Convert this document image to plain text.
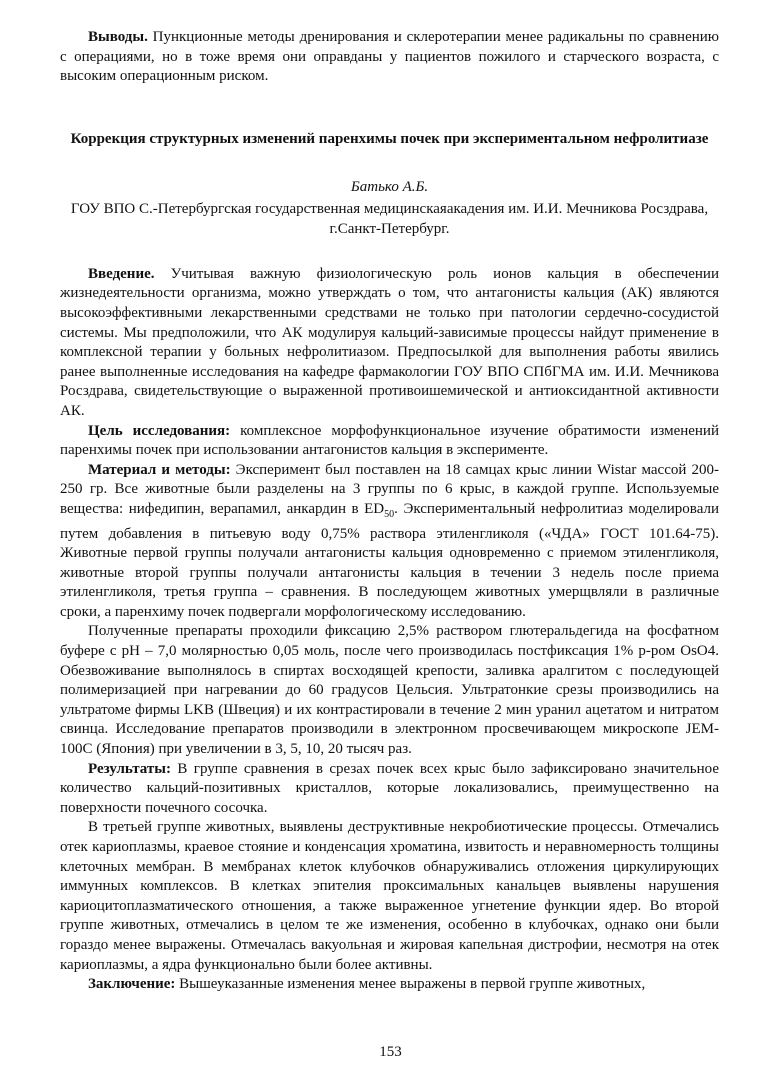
Выводы. Пункционные методы дренирования и склеротерапии менее радикальны по сравнению с операциями, но в тоже время они оправданы у пациентов пожилого и старческого возраста, с высоким операционным риском.

Коррекция структурных изменений паренхимы почек при экспериментальном нефролитиазе
Батько А.Б.
ГОУ ВПО С.-Петербургская государственная медицинскаяакадения им. И.И. Мечникова Росздрава, г.Санкт-Петербург.

Введение. Учитывая важную физиологическую роль ионов кальция в обеспечении жизнедеятельности организма, можно утверждать о том, что антагонисты кальция (АК) являются высокоэффективными лекарственными средствами не только при патологии сердечно-сосудистой системы. Мы предположили, что АК модулируя кальций-зависимые процессы найдут применение в комплексной терапии у больных нефролитиазом. Предпосылкой для выполнения работы явились ранее выполненные исследования на кафедре фармакологии ГОУ ВПО СПбГМА им. И.И. Мечникова Росздрава, свидетельствующие о выраженной противоишемической и антиоксидантной активности АК.

Цель исследования: комплексное морфофункциональное изучение обратимости изменений паренхимы почек при использовании антагонистов кальция в эксперименте.

Материал и методы: Эксперимент был поставлен на 18 самцах крыс линии Wistar массой 200-250 гр. Все животные были разделены на 3 группы по 6 крыс, в каждой группе. Используемые вещества: нифедипин, верапамил, анкардин в $ED_{50}$. Экспериментальный нефролитиаз моделировали путем добавления в питьевую воду 0,75% раствора этиленгликоля («ЧДА» ГОСТ 101.64-75). Животные первой группы получали антагонисты кальция одновременно с приемом этиленгликоля, животные второй группы получали антагонисты кальция в течении 3 недель после приема этиленгликоля, третья группа – сравнения. В последующем животных умерщвляли в различные сроки, а паренхиму почек подвергали морфологическому исследованию.

Полученные препараты проходили фиксацию 2,5% раствором глютеральдегида на фосфатном буфере с pH – 7,0 молярностью 0,05 моль, после чего производилась постфиксация 1% р-ром OsO4. Обезвоживание выполнялось в спиртах восходящей крепости, заливка аралгитом с последующей полимеризацией при нагревании до 60 градусов Цельсия. Ультратонкие срезы производились на ультратоме фирмы LKB (Швеция) и их контрастировали в течение 2 мин уранил ацетатом и нитратом свинца. Исследование препаратов производили в электронном просвечивающем микроскопе JEM-100C (Япония) при увеличении в 3, 5, 10, 20 тысяч раз.

Результаты: В группе сравнения в срезах почек всех крыс было зафиксировано значительное количество кальций-позитивных кристаллов, которые локализовались, преимущественно на поверхности почечного сосочка.

В третьей группе животных, выявлены деструктивные некробиотические процессы. Отмечались отек кариоплазмы, краевое стояние и конденсация хроматина, извитость и неравномерность толщины клеточных мембран. В мембранах клеток клубочков обнаруживались отложения циркулирующих иммунных комплексов. В клетках эпителия проксимальных канальцев выявлены нарушения кариоцитоплазматического отношения, а также выраженное угнетение функции ядер. Во второй группе животных, отмечались в целом те же изменения, особенно в клубочках, однако они были гораздо менее выражены. Отмечалась вакуольная и жировая капельная дистрофии, несмотря на отек кариоплазмы, а ядра функционально были более активны.

Заключение: Вышеуказанные изменения менее выражены в первой группе животных,

153
